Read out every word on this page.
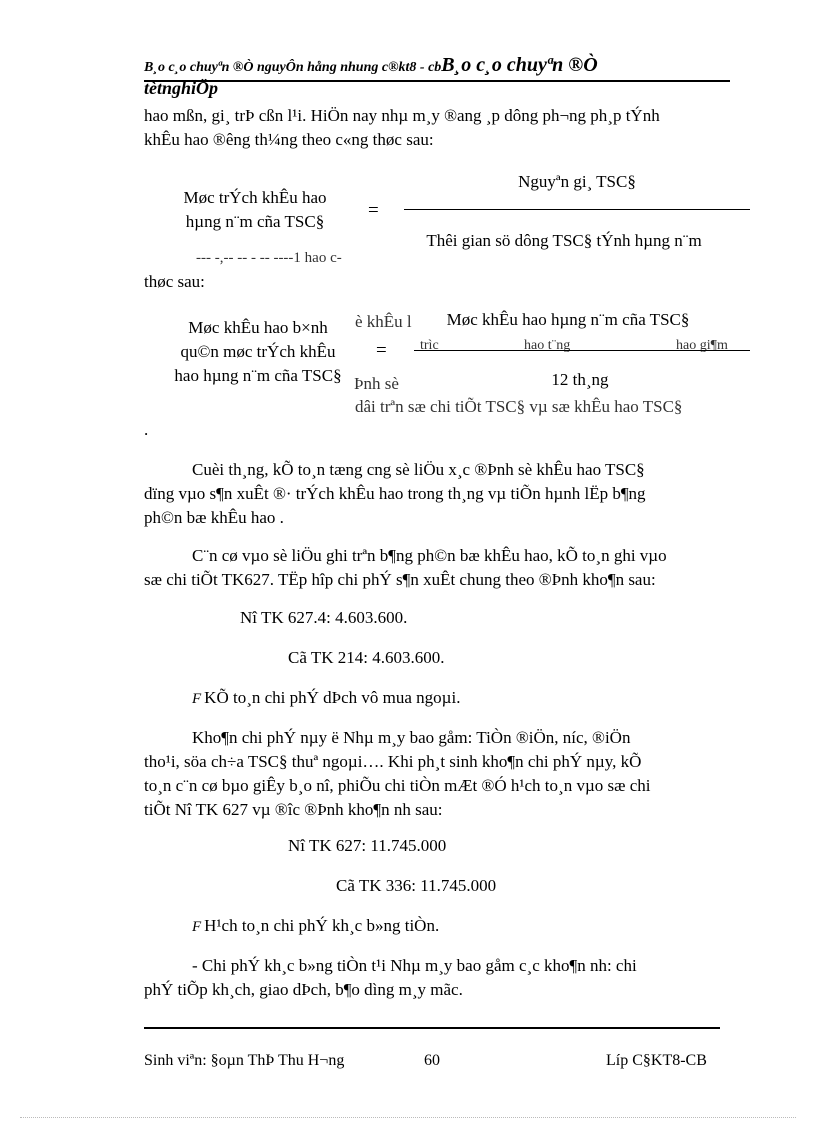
B¸o c¸o chuyªn ®Ò nguyÔn hång nhung c®kt8 - cbB¸o c¸o chuyªn ®Ò
tètnghiÖp
hao mßn, gi¸ trÞ cßn l¹i. HiÖn nay nhµ m¸y ®ang ¸p dông ph¬ng ph¸p tÝnh
khÊu hao ®êng th¼ng theo c«ng thøc sau:
Møc trÝch khÊu hao
hµng n¨m cña TSC§
=
Nguyªn gi¸ TSC§
Thêi gian sö dông TSC§ tÝnh hµng n¨m
--- -,-- -- - -- ----1 hao c-
thøc sau:
Møc khÊu hao b×nh
qu©n møc trÝch khÊu
hao hµng n¨m cña TSC§
=
è khÊu l	Møc khÊu hao hµng n¨m cña TSC§
trìc	hao t¨ng	hao gi¶m
Þnh sè	12 th¸ng
dâi trªn sæ chi tiÕt TSC§ vµ sæ khÊu hao TSC§
.
Cuèi th¸ng, kÕ to¸n tæng cng sè liÖu x¸c ®Þnh sè khÊu hao TSC§
dïng vµo s¶n xuÊt ®· trÝch khÊu hao trong th¸ng vµ tiÕn hµnh lËp b¶ng
ph©n bæ khÊu hao .
C¨n cø vµo sè liÖu ghi trªn b¶ng ph©n bæ khÊu hao, kÕ to¸n ghi vµo
sæ chi tiÕt TK627. TËp hîp chi phÝ s¶n xuÊt chung theo ®Þnh kho¶n sau:
Nî TK 627.4: 4.603.600.
Cã TK 214: 4.603.600.
F KÕ to¸n chi phÝ dÞch vô mua ngoµi.
Kho¶n chi phÝ nµy ë Nhµ m¸y bao gåm: TiÒn ®iÖn, níc, ®iÖn
tho¹i, söa ch÷a TSC§ thuª ngoµi…. Khi ph¸t sinh kho¶n chi phÝ nµy, kÕ
to¸n c¨n cø bµo giÊy b¸o nî, phiÕu chi tiÒn mÆt ®Ó h¹ch to¸n vµo sæ chi
tiÕt Nî TK 627 vµ ®îc ®Þnh kho¶n nh sau:
Nî TK 627: 11.745.000
Cã TK 336: 11.745.000
F H¹ch to¸n chi phÝ kh¸c b»ng tiÒn.
- Chi phÝ kh¸c b»ng tiÒn t¹i Nhµ m¸y bao gåm c¸c kho¶n nh: chi
phÝ tiÕp kh¸ch, giao dÞch, b¶o dìng m¸y mãc.
Sinh viªn: §oµn ThÞ Thu H¬ng	60	Líp C§KT8-CB
